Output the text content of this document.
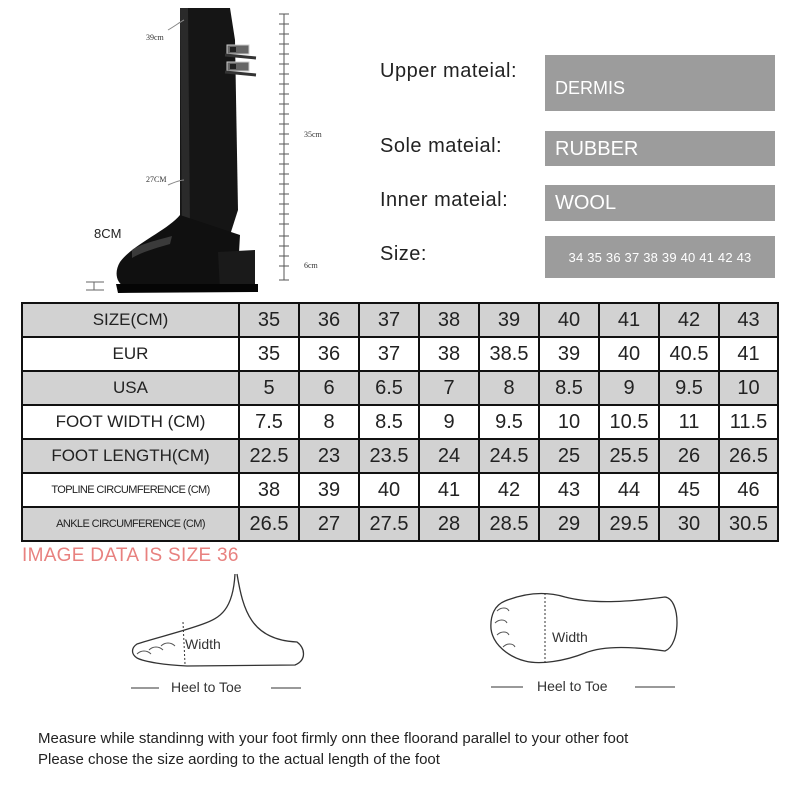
39cm
35cm
27CM
8CM
6cm
Upper mateial:
DERMIS
Sole mateial:	RUBBER
Inner mateial: WOOL
Size:	34 35 36 37 38 39 40 41 42 43
SIZE(CM)	35	36	37	38	39	40	41	42	43
EUR	35	36	37	38	38.5	39	40	40.5	41
USA	5	6	6.5	7	8	8.5	9	9.5	10
FOOT WIDTH (CM)	7.5	8	8.5	9	9.5	10	10.5	11	11.5
FOOT LENGTH(CM)	22.5	23	23.5	24	24.5	25	25.5	26	26.5
TOPLINE CIRCUMFERENCE (CM)	38	39	40	41	42	43	44	45	46
ANKLE CIRCUMFERENCE (CM)	26.5	27	27.5	28	28.5	29	29.5	30	30.5
IMAGE DATA IS SIZE 36
Width
Heel to Toe
Width
Heel to Toe
Measure while standinng with your foot firmly onn thee floorand parallel to your other foot
Please chose the size aording to the actual length of the foot
